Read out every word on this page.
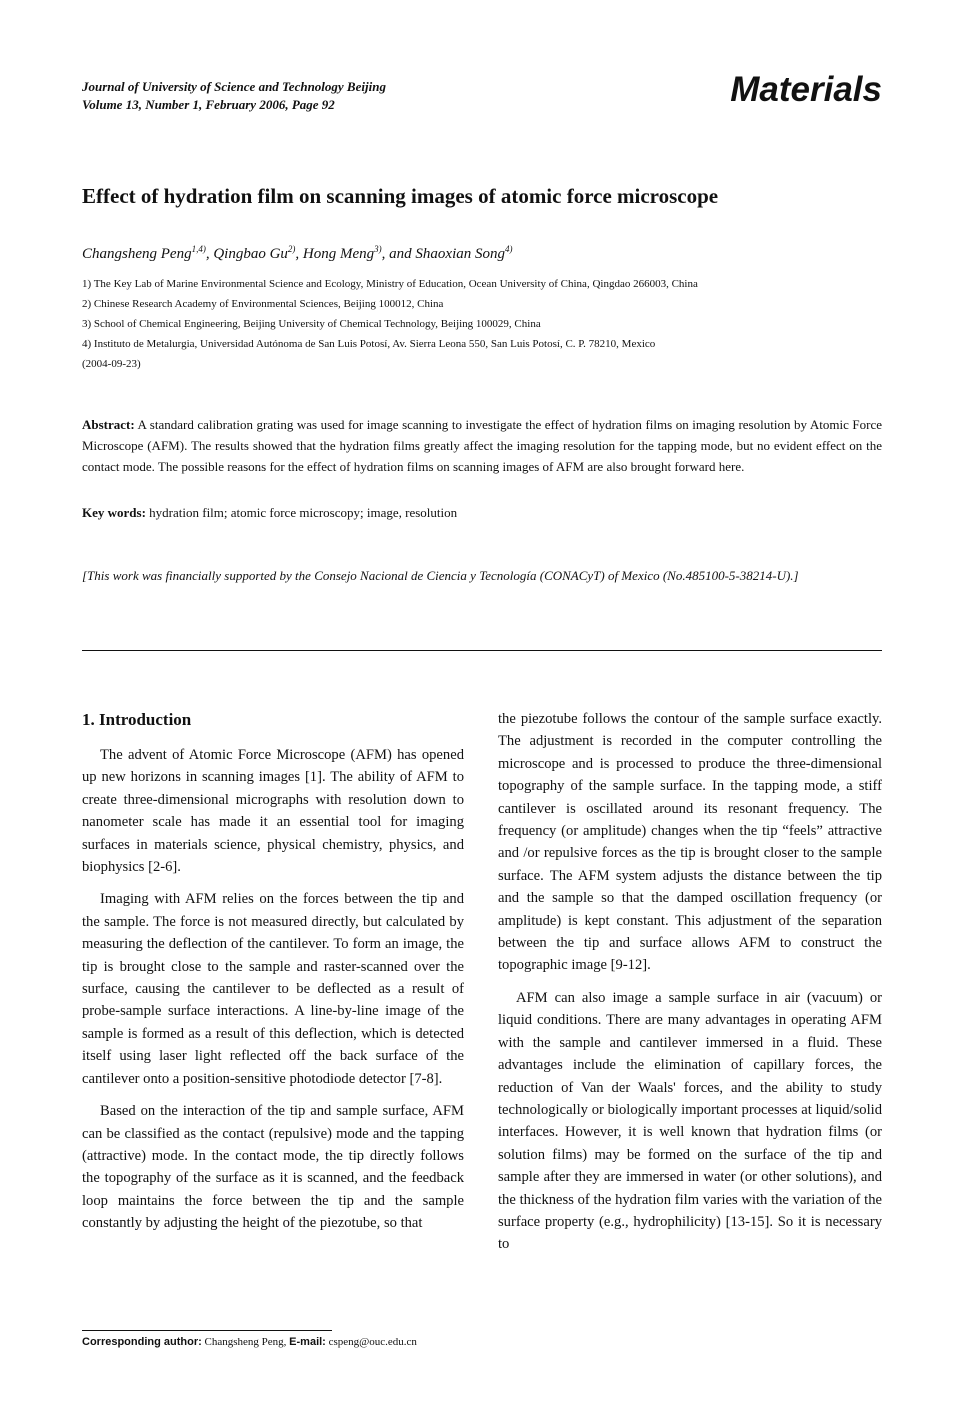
Journal of University of Science and Technology Beijing
Volume 13, Number 1, February 2006, Page 92	Materials
Effect of hydration film on scanning images of atomic force microscope
Changsheng Peng$^{1,4)}$, Qingbao Gu$^{2)}$, Hong Meng$^{3)}$, and Shaoxian Song$^{4)}$
1) The Key Lab of Marine Environmental Science and Ecology, Ministry of Education, Ocean University of China, Qingdao 266003, China
2) Chinese Research Academy of Environmental Sciences, Beijing 100012, China
3) School of Chemical Engineering, Beijing University of Chemical Technology, Beijing 100029, China
4) Instituto de Metalurgia, Universidad Autónoma de San Luis Potosí, Av. Sierra Leona 550, San Luis Potosí, C. P. 78210, Mexico
(2004-09-23)
Abstract: A standard calibration grating was used for image scanning to investigate the effect of hydration films on imaging resolution by Atomic Force Microscope (AFM). The results showed that the hydration films greatly affect the imaging resolution for the tapping mode, but no evident effect on the contact mode. The possible reasons for the effect of hydration films on scanning images of AFM are also brought forward here.
Key words: hydration film; atomic force microscopy; image, resolution
[This work was financially supported by the Consejo Nacional de Ciencia y Tecnología (CONACyT) of Mexico (No.485100-5-38214-U).]
1. Introduction

The advent of Atomic Force Microscope (AFM) has opened up new horizons in scanning images [1]. The ability of AFM to create three-dimensional micrographs with resolution down to nanometer scale has made it an essential tool for imaging surfaces in materials science, physical chemistry, physics, and biophysics [2-6].

Imaging with AFM relies on the forces between the tip and the sample. The force is not measured directly, but calculated by measuring the deflection of the cantilever. To form an image, the tip is brought close to the sample and raster-scanned over the surface, causing the cantilever to be deflected as a result of probe-sample surface interactions. A line-by-line image of the sample is formed as a result of this deflection, which is detected itself using laser light reflected off the back surface of the cantilever onto a position-sensitive photodiode detector [7-8].

Based on the interaction of the tip and sample surface, AFM can be classified as the contact (repulsive) mode and the tapping (attractive) mode. In the contact mode, the tip directly follows the topography of the surface as it is scanned, and the feedback loop maintains the force between the tip and the sample constantly by adjusting the height of the piezotube, so that

the piezotube follows the contour of the sample surface exactly. The adjustment is recorded in the computer controlling the microscope and is processed to produce the three-dimensional topography of the sample surface. In the tapping mode, a stiff cantilever is oscillated around its resonant frequency. The frequency (or amplitude) changes when the tip “feels” attractive and /or repulsive forces as the tip is brought closer to the sample surface. The AFM system adjusts the distance between the tip and the sample so that the damped oscillation frequency (or amplitude) is kept constant. This adjustment of the separation between the tip and surface allows AFM to construct the topographic image [9-12].

AFM can also image a sample surface in air (vacuum) or liquid conditions. There are many advantages in operating AFM with the sample and cantilever immersed in a fluid. These advantages include the elimination of capillary forces, the reduction of Van der Waals' forces, and the ability to study technologically or biologically important processes at liquid/solid interfaces. However, it is well known that hydration films (or solution films) may be formed on the surface of the tip and sample after they are immersed in water (or other solutions), and the thickness of the hydration film varies with the variation of the surface property (e.g., hydrophilicity) [13-15]. So it is necessary to

Corresponding author: Changsheng Peng, E-mail: cspeng@ouc.edu.cn
